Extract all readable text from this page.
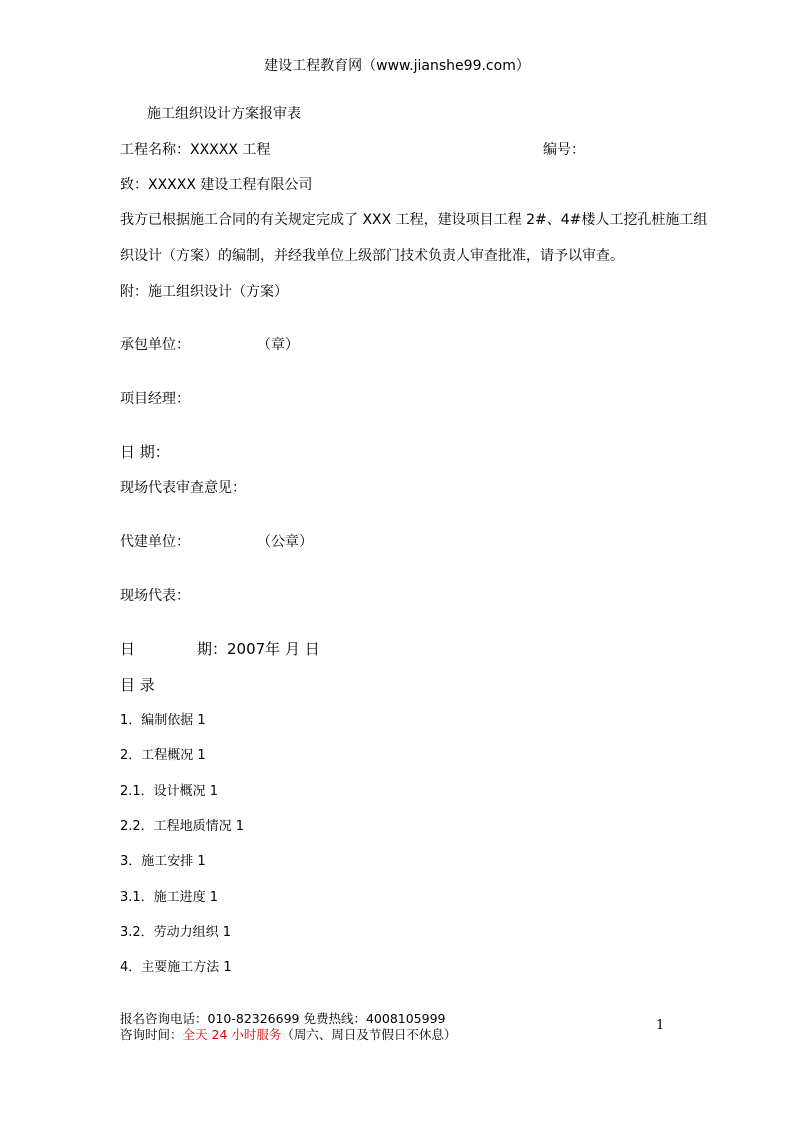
建设工程教育网（www.jianshe99.com）
施工组织设计方案报审表
工程名称：XXXXX 工程	编号：
致：XXXXX 建设工程有限公司
我方已根据施工合同的有关规定完成了 XXX 工程，建设项目工程 2#、4#楼人工挖孔桩施工组
织设计（方案）的编制，并经我单位上级部门技术负责人审查批准，请予以审查。
附：施工组织设计（方案）
承包单位：	（章）
项目经理：
日 期：
现场代表审查意见：
代建单位：	（公章）
现场代表：
日	期：2007年 月 日
目 录
1．编制依据 1
2．工程概况 1
2.1．设计概况 1
2.2．工程地质情况 1
3．施工安排 1
3.1．施工进度 1
3.2．劳动力组织 1
4．主要施工方法 1
报名咨询电话：010-82326699 免费热线：4008105999
咨询时间：全天 24 小时服务（周六、周日及节假日不休息）
1
